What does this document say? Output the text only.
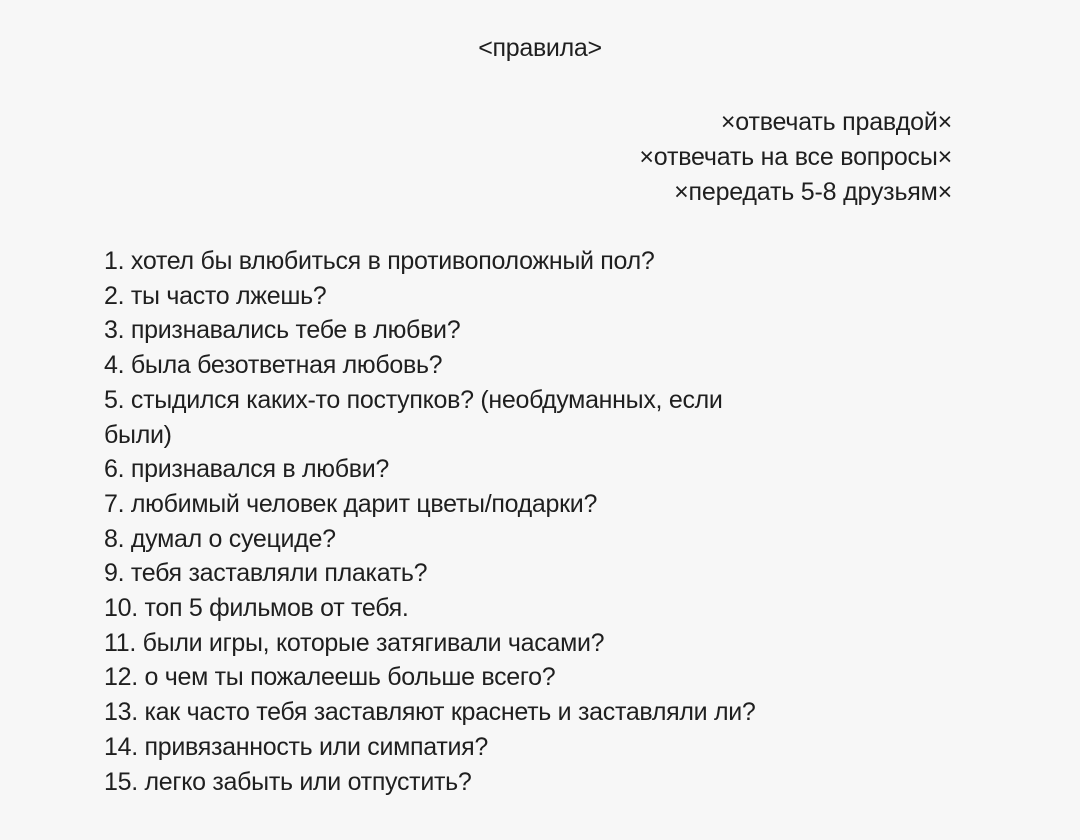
<правила>
×отвечать правдой×
×отвечать на все вопросы×
×передать 5-8 друзьям×
1. хотел бы влюбиться в противоположный пол?
2. ты часто лжешь?
3. признавались тебе в любви?
4. была безответная любовь?
5. стыдился каких-то поступков? (необдуманных, если
были)
6. признавался в любви?
7. любимый человек дарит цветы/подарки?
8. думал о суециде?
9. тебя заставляли плакать?
10. топ 5 фильмов от тебя.
11. были игры, которые затягивали часами?
12. о чем ты пожалеешь больше всего?
13. как часто тебя заставляют краснеть и заставляли ли?
14. привязанность или симпатия?
15. легко забыть или отпустить?
